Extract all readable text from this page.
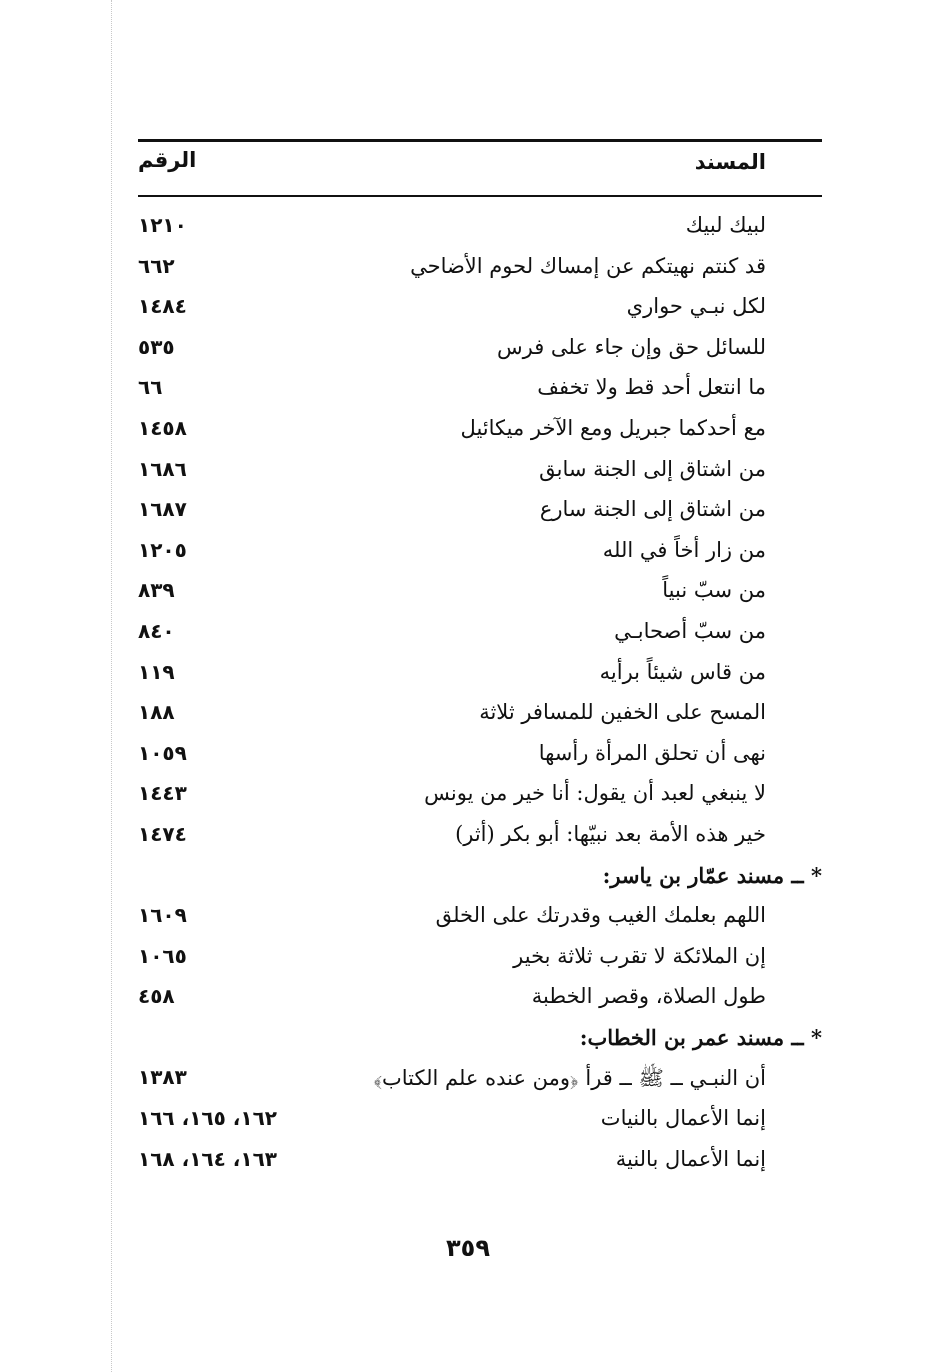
المسند
الرقم
لبيك لبيك
١٢١٠
قد كنتم نهيتكم عن إمساك لحوم الأضاحي
٦٦٢
لكل نبـي حواري
١٤٨٤
للسائل حق وإن جاء على فرس
٥٣٥
ما انتعل أحد قط ولا تخفف
٦٦
مع أحدكما جبريل ومع الآخر ميكائيل
١٤٥٨
من اشتاق إلى الجنة سابق
١٦٨٦
من اشتاق إلى الجنة سارع
١٦٨٧
من زار أخاً في الله
١٢٠٥
من سبّ نبياً
٨٣٩
من سبّ أصحابـي
٨٤٠
من قاس شيئاً برأيه
١١٩
المسح على الخفين للمسافر ثلاثة
١٨٨
نهى أن تحلق المرأة رأسها
١٠٥٩
لا ينبغي لعبد أن يقول: أنا خير من يونس
١٤٤٣
خير هذه الأمة بعد نبيّها: أبو بكر (أثر)
١٤٧٤
* ــ مسند عمّار بن ياسر:
اللهم بعلمك الغيب وقدرتك على الخلق
١٦٠٩
إن الملائكة لا تقرب ثلاثة بخير
١٠٦٥
طول الصلاة، وقصر الخطبة
٤٥٨
* ــ مسند عمر بن الخطاب:
أن النبـي ــ ﷺ ــ قرأ ﴿ومن عنده علم الكتاب﴾
١٣٨٣
إنما الأعمال بالنيات
١٦٢، ١٦٥، ١٦٦
إنما الأعمال بالنية
١٦٣، ١٦٤، ١٦٨
٣٥٩
